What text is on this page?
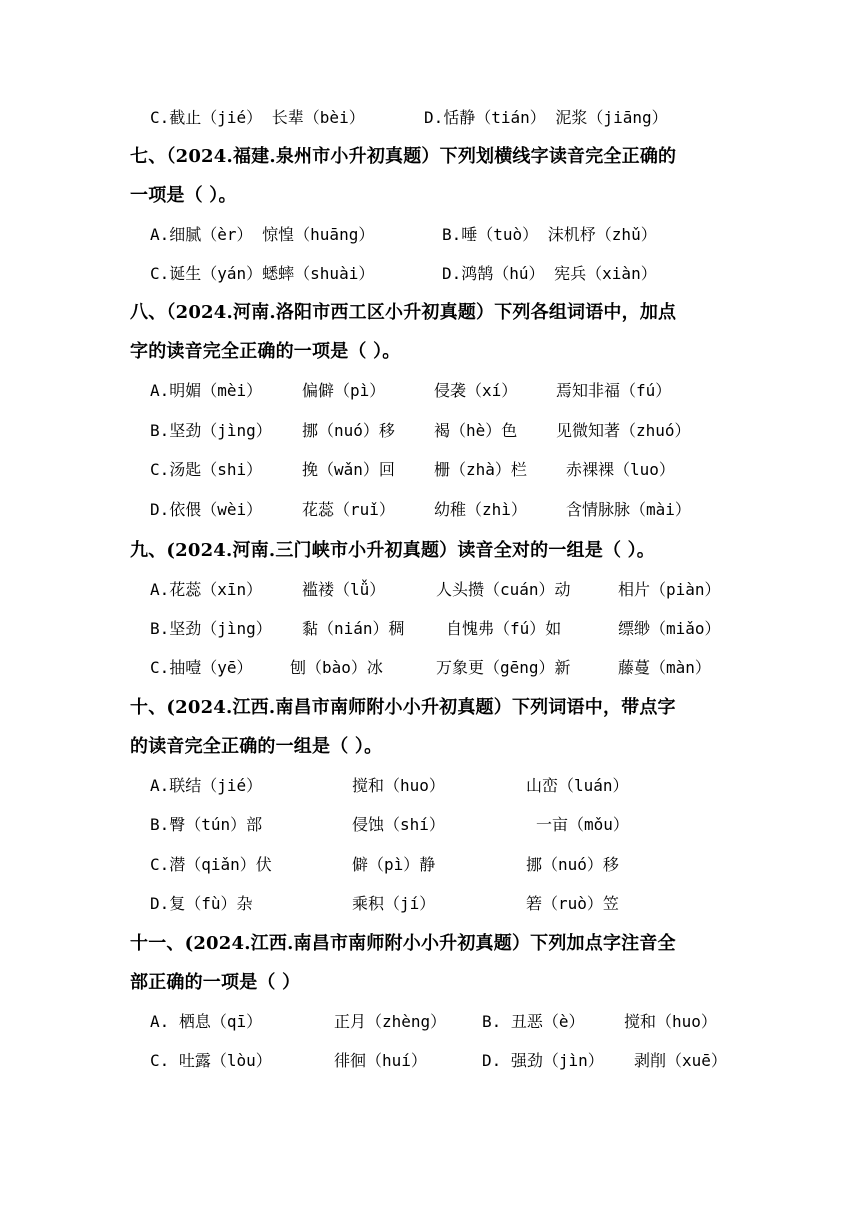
C.截止（jié） 长辈（bèi）	D.恬静（tián） 泥浆（jiāng）
七、（2024.福建.泉州市小升初真题）下列划横线字读音完全正确的
一项是（ ）。
A.细腻（èr） 惊惶（huāng）	B.唾（tuò） 沫机杼（zhǔ）
C.诞生（yán）蟋蟀（shuài）	D.鸿鹄（hú） 宪兵（xiàn）
八、（2024.河南.洛阳市西工区小升初真题）下列各组词语中，加点
字的读音完全正确的一项是（ ）。
A.明媚（mèi） 偏僻（pì）	侵袭（xí） 焉知非福（fú）
B.坚劲（jìng） 挪（nuó）移 褐（hè）色 见微知著（zhuó）
C.汤匙（shi） 挽（wǎn）回 栅（zhà）栏 赤裸裸（luo）
D.依偎（wèi） 花蕊（ruǐ） 幼稚（zhì） 含情脉脉（mài）
九、(2024.河南.三门峡市小升初真题）读音全对的一组是（ ）。
A.花蕊（xīn） 褴褛（lǚ）	人头攒（cuán）动	相片（piàn）
B.坚劲（jìng） 黏（nián）稠	自愧弗（fú）如	缥缈（miǎo）
C.抽噎（yē） 刨（bào）冰	万象更（gēng）新	藤蔓（màn）
十、(2024.江西.南昌市南师附小小升初真题）下列词语中，带点字
的读音完全正确的一组是（ ）。
A.联结（jié）	搅和（huo）	山峦（luán）
B.臀（tún）部	侵蚀（shí）	一亩（mǒu）
C.潜（qiǎn）伏	僻（pì）静	挪（nuó）移
D.复（fù）杂	乘积（jí）	箬（ruò）笠
十一、(2024.江西.南昌市南师附小小升初真题）下列加点字注音全
部正确的一项是（ ）
A. 栖息（qī）	正月（zhèng） B. 丑恶（è） 搅和（huo）
C. 吐露（lòu）	徘徊（huí）	D. 强劲（jìn） 剥削（xuē）
